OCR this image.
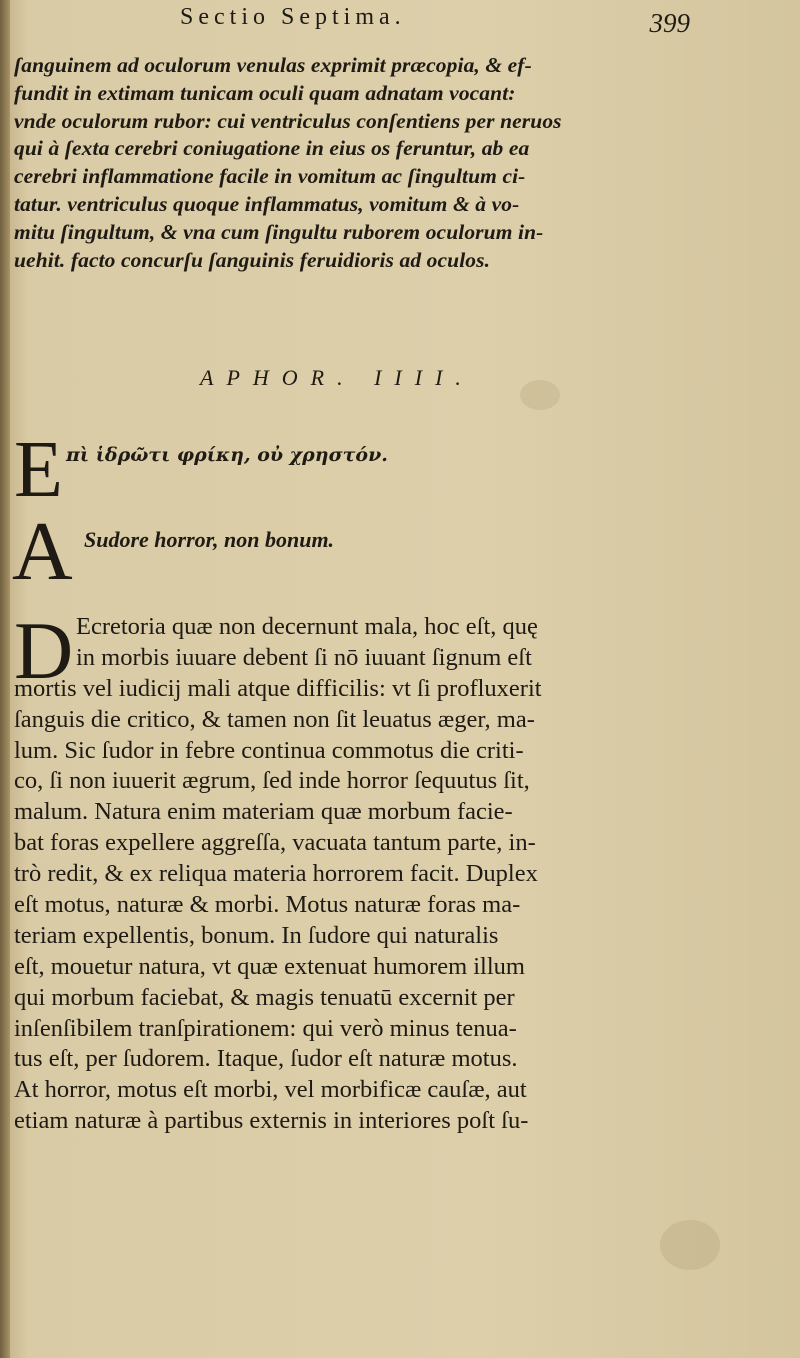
Sectio Septima.	399
ſanguinem ad oculorum venulas exprimit præcopia, & ef-
fundit in extimam tunicam oculi quam adnatam vocant:
vnde oculorum rubor: cui ventriculus conſentiens per neruos
qui à ſexta cerebri coniugatione in eius os feruntur, ab ea
cerebri inflammatione facile in vomitum ac ſingultum ci-
tatur. ventriculus quoque inflammatus, vomitum & à vo-
mitu ſingultum, & vna cum ſingultu ruborem oculorum in-
uehit. facto concurſu ſanguinis feruidioris ad oculos.
APHOR. IIII.
E πὶ ἱδρῶτι φρίκη, οὐ χρηστόν.
A Sudore horror, non bonum.
D Ecretoria quæ non decernunt mala, hoc eſt, quę
in morbis iuuare debent ſi nō iuuant ſignum eſt
mortis vel iudicij mali atque difficilis: vt ſi profluxerit
ſanguis die critico, & tamen non ſit leuatus æger, ma-
lum. Sic ſudor in febre continua commotus die criti-
co, ſi non iuuerit ægrum, ſed inde horror ſequutus ſit,
malum. Natura enim materiam quæ morbum facie-
bat foras expellere aggreſſa, vacuata tantum parte, in-
trò redit, & ex reliqua materia horrorem facit. Duplex
eſt motus, naturæ & morbi. Motus naturæ foras ma-
teriam expellentis, bonum. In ſudore qui naturalis
eſt, mouetur natura, vt quæ extenuat humorem illum
qui morbum faciebat, & magis tenuatū excernit per
inſenſibilem tranſpirationem: qui verò minus tenua-
tus eſt, per ſudorem. Itaque, ſudor eſt naturæ motus.
At horror, motus eſt morbi, vel morbificæ cauſæ, aut
etiam naturæ à partibus externis in interiores poſt ſu-
